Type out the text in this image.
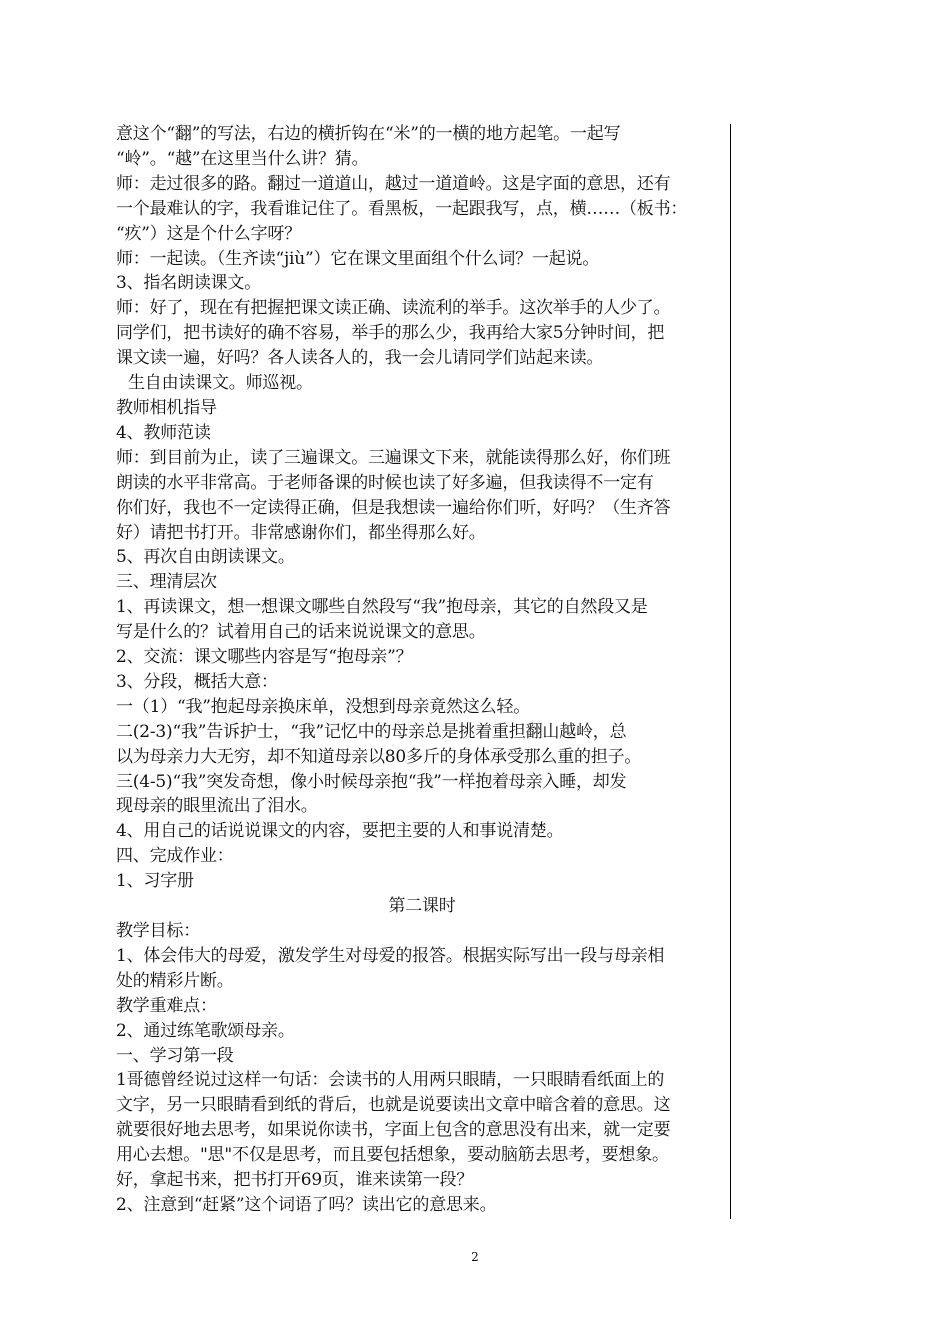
意这个“翻”的写法，右边的横折钩在“米”的一横的地方起笔。一起写

“岭”。“越”在这里当什么讲？猜。

师：走过很多的路。翻过一道道山，越过一道道岭。这是字面的意思，还有

一个最难认的字，我看谁记住了。看黑板，一起跟我写，点，横……（板书：

“疚”）这是个什么字呀？

师：一起读。（生齐读“jiù”）它在课文里面组个什么词？一起说。

3、指名朗读课文。

师：好了，现在有把握把课文读正确、读流利的举手。这次举手的人少了。

同学们，把书读好的确不容易，举手的那么少，我再给大家5分钟时间，把

课文读一遍，好吗？各人读各人的，我一会儿请同学们站起来读。

生自由读课文。师巡视。

教师相机指导

4、教师范读

师：到目前为止，读了三遍课文。三遍课文下来，就能读得那么好，你们班

朗读的水平非常高。于老师备课的时候也读了好多遍，但我读得不一定有

你们好，我也不一定读得正确，但是我想读一遍给你们听，好吗？（生齐答

好）请把书打开。非常感谢你们，都坐得那么好。

5、再次自由朗读课文。

三、理清层次

1、再读课文，想一想课文哪些自然段写“我”抱母亲，其它的自然段又是

写是什么的？试着用自己的话来说说课文的意思。

2、交流：课文哪些内容是写“抱母亲”？

3、分段，概括大意：

一（1）“我”抱起母亲换床单，没想到母亲竟然这么轻。

二(2-3)“我”告诉护士，“我”记忆中的母亲总是挑着重担翻山越岭，总

以为母亲力大无穷，却不知道母亲以80多斤的身体承受那么重的担子。

三(4-5)“我”突发奇想，像小时候母亲抱“我”一样抱着母亲入睡，却发

现母亲的眼里流出了泪水。

4、用自己的话说说课文的内容，要把主要的人和事说清楚。

四、完成作业：

1、习字册

第二课时

教学目标：

1、体会伟大的母爱，激发学生对母爱的报答。根据实际写出一段与母亲相

处的精彩片断。

教学重难点：

2、通过练笔歌颂母亲。

一、学习第一段

1哥德曾经说过这样一句话：会读书的人用两只眼睛，一只眼睛看纸面上的

文字，另一只眼睛看到纸的背后，也就是说要读出文章中暗含着的意思。这

就要很好地去思考，如果说你读书，字面上包含的意思没有出来，就一定要

用心去想。"思"不仅是思考，而且要包括想象，要动脑筋去思考，要想象。

好，拿起书来，把书打开69页，谁来读第一段？

2、注意到“赶紧”这个词语了吗？读出它的意思来。

2
